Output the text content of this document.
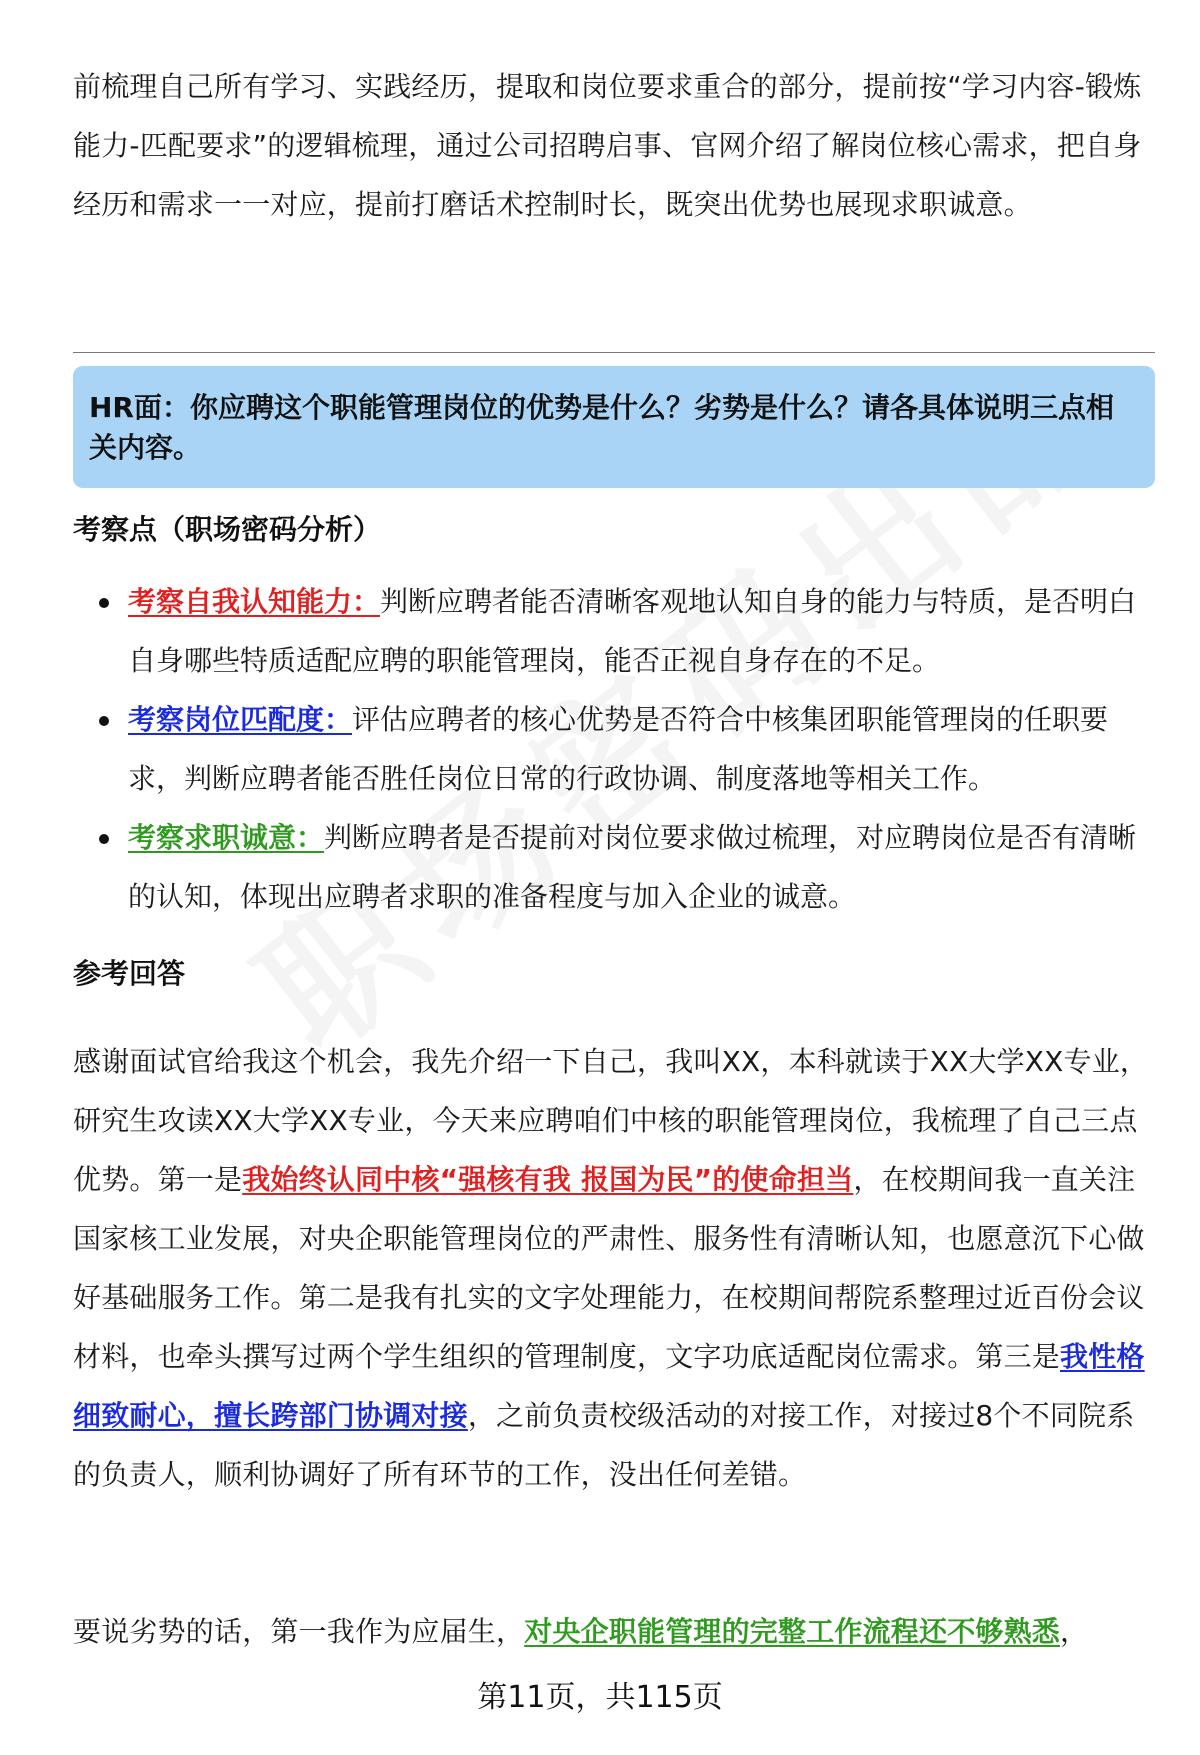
前梳理自己所有学习、实践经历，提取和岗位要求重合的部分，提前按“学习内容-锻炼能力-匹配要求”的逻辑梳理，通过公司招聘启事、官网介绍了解岗位核心需求，把自身经历和需求一一对应，提前打磨话术控制时长，既突出优势也展现求职诚意。

HR面：你应聘这个职能管理岗位的优势是什么？劣势是什么？请各具体说明三点相关内容。

考察点（职场密码分析）

考察自我认知能力：判断应聘者能否清晰客观地认知自身的能力与特质，是否明白自身哪些特质适配应聘的职能管理岗，能否正视自身存在的不足。
考察岗位匹配度：评估应聘者的核心优势是否符合中核集团职能管理岗的任职要求，判断应聘者能否胜任岗位日常的行政协调、制度落地等相关工作。
考察求职诚意：判断应聘者是否提前对岗位要求做过梳理，对应聘岗位是否有清晰的认知，体现出应聘者求职的准备程度与加入企业的诚意。

参考回答

感谢面试官给我这个机会，我先介绍一下自己，我叫XX，本科就读于XX大学XX专业，研究生攻读XX大学XX专业，今天来应聘咱们中核的职能管理岗位，我梳理了自己三点优势。第一是我始终认同中核“强核有我 报国为民”的使命担当，在校期间我一直关注国家核工业发展，对央企职能管理岗位的严肃性、服务性有清晰认知，也愿意沉下心做好基础服务工作。第二是我有扎实的文字处理能力，在校期间帮院系整理过近百份会议材料，也牵头撰写过两个学生组织的管理制度，文字功底适配岗位需求。第三是我性格细致耐心，擅长跨部门协调对接，之前负责校级活动的对接工作，对接过8个不同院系的负责人，顺利协调好了所有环节的工作，没出任何差错。

要说劣势的话，第一我作为应届生，对央企职能管理的完整工作流程还不够熟悉，

第11页，共115页
